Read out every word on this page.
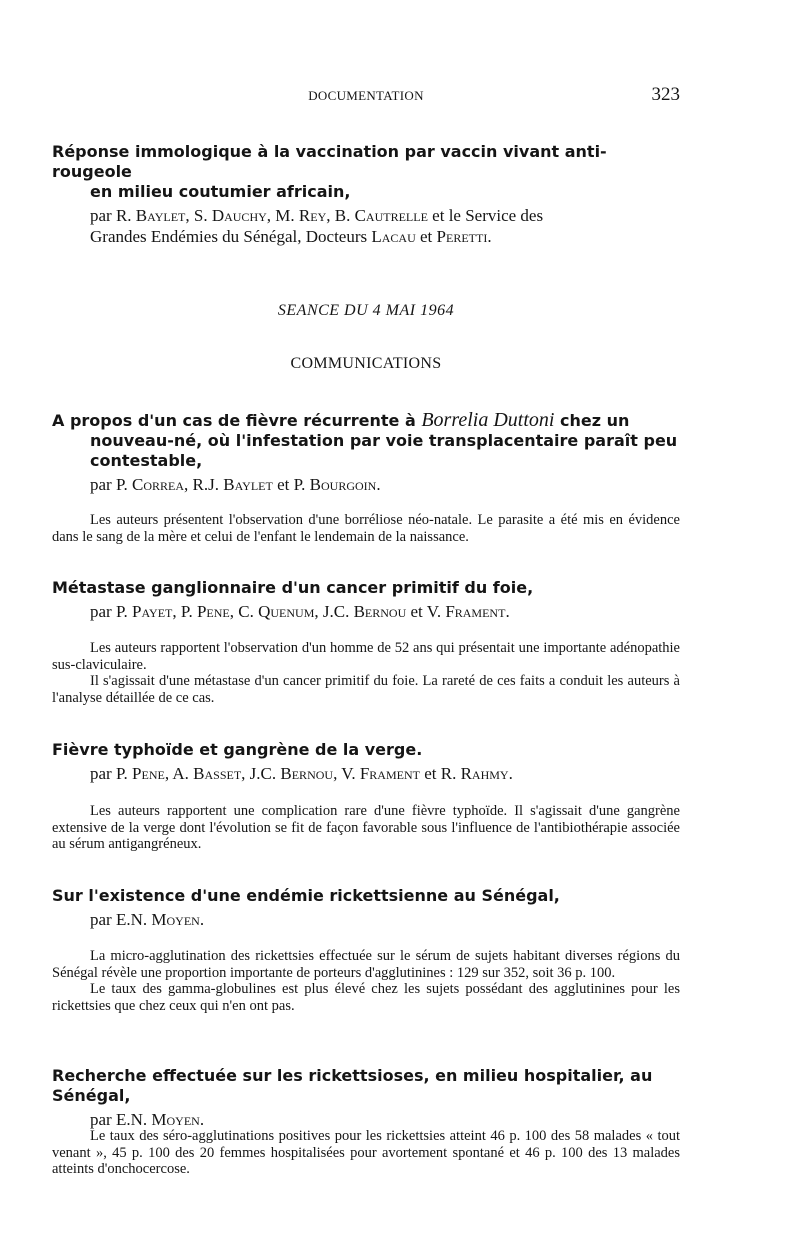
DOCUMENTATION	323
Réponse immologique à la vaccination par vaccin vivant anti-rougeole
en milieu coutumier africain,
par R. Baylet, S. Dauchy, M. Rey, B. Cautrelle et le Service des
Grandes Endémies du Sénégal, Docteurs Lacau et Peretti.
SEANCE DU 4 MAI 1964
COMMUNICATIONS
A propos d'un cas de fièvre récurrente à Borrelia Duttoni chez un
nouveau-né, où l'infestation par voie transplacentaire paraît peu
contestable,
par P. Correa, R.J. Baylet et P. Bourgoin.

Les auteurs présentent l'observation d'une borréliose néo-natale. Le parasite a été mis en évidence dans le sang de la mère et celui de l'enfant le lendemain de la naissance.

Métastase ganglionnaire d'un cancer primitif du foie,
par P. Payet, P. Pene, C. Quenum, J.C. Bernou et V. Frament.

Les auteurs rapportent l'observation d'un homme de 52 ans qui présentait une importante adénopathie sus-claviculaire.

Il s'agissait d'une métastase d'un cancer primitif du foie. La rareté de ces faits a conduit les auteurs à l'analyse détaillée de ce cas.

Fièvre typhoïde et gangrène de la verge.
par P. Pene, A. Basset, J.C. Bernou, V. Frament et R. Rahmy.

Les auteurs rapportent une complication rare d'une fièvre typhoïde. Il s'agissait d'une gangrène extensive de la verge dont l'évolution se fit de façon favorable sous l'influence de l'antibiothérapie associée au sérum antigangréneux.

Sur l'existence d'une endémie rickettsienne au Sénégal,
par E.N. Moyen.

La micro-agglutination des rickettsies effectuée sur le sérum de sujets habitant diverses régions du Sénégal révèle une proportion importante de porteurs d'agglutinines : 129 sur 352, soit 36 p. 100.

Le taux des gamma-globulines est plus élevé chez les sujets possédant des agglutinines pour les rickettsies que chez ceux qui n'en ont pas.

Recherche effectuée sur les rickettsioses, en milieu hospitalier, au Sénégal,
par E.N. Moyen.

Le taux des séro-agglutinations positives pour les rickettsies atteint 46 p. 100 des 58 malades « tout venant », 45 p. 100 des 20 femmes hospitalisées pour avortement spontané et 46 p. 100 des 13 malades atteints d'onchocercose.
